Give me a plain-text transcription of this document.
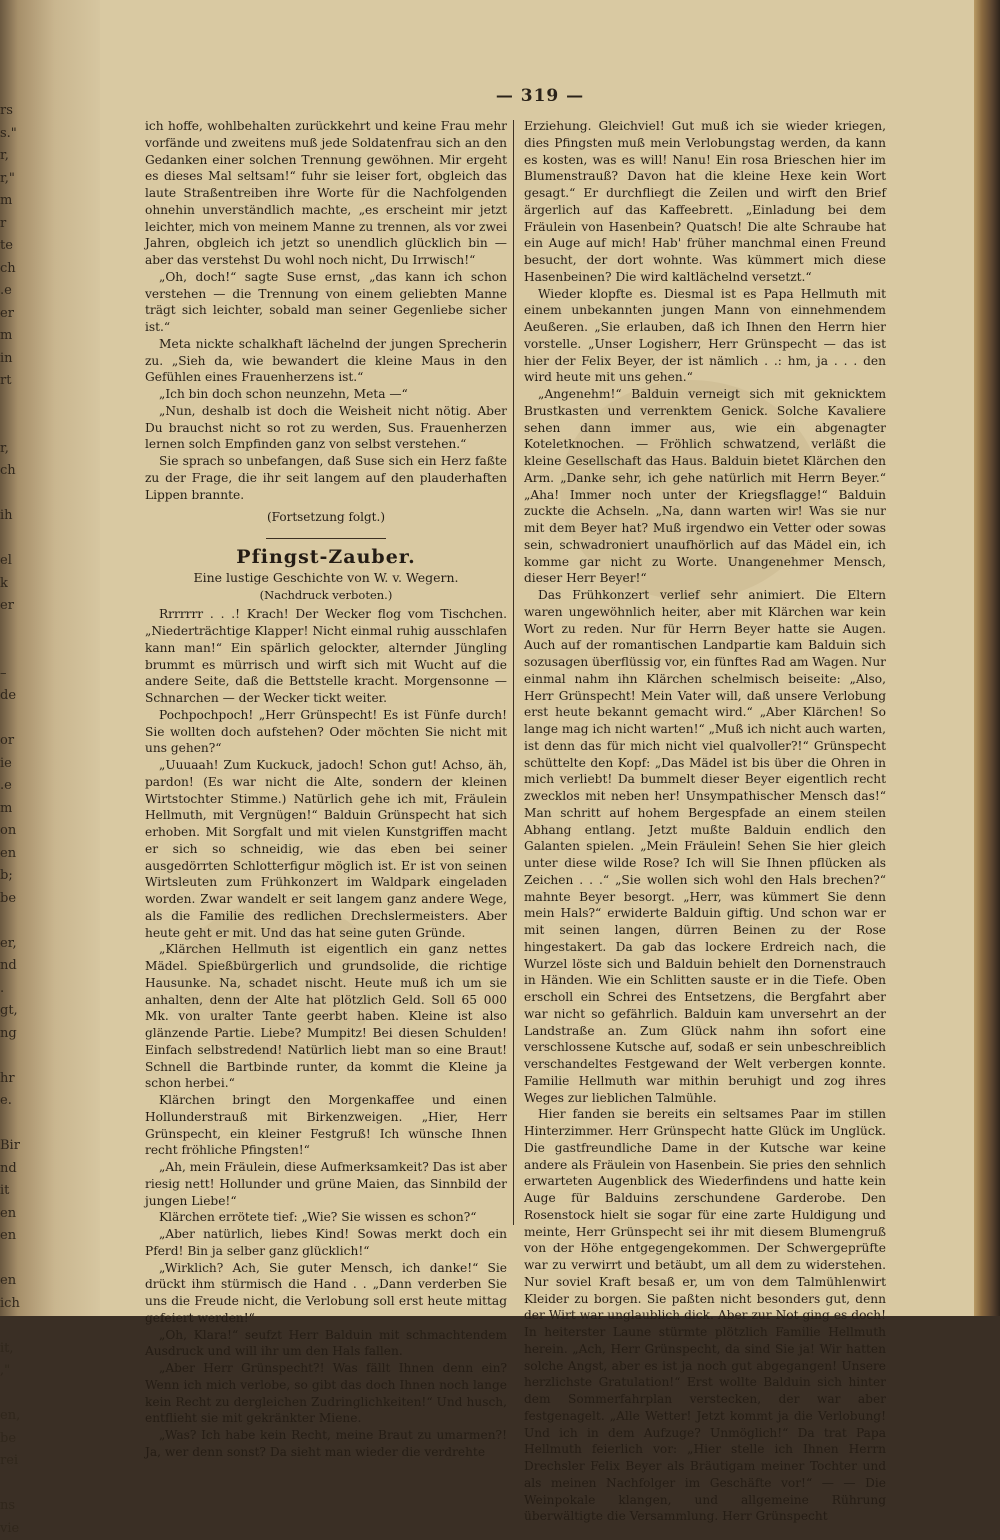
rs
s."
r,
r,"
m
r
te
ch
.e
er
m
in
rt

r,
ch

ih

el
k
er

–
de

or
ie
.e
m
on
en
b;
be

er,
nd
.
gt,
ng

hr
e.

Bir
nd
it
en
en

en
ich

it,
,"

en,
be
rei

ns
vie
— 319 —

ich hoffe, wohlbehalten zurückkehrt und keine Frau mehr vorfände und zweitens muß jede Soldatenfrau sich an den Gedanken einer solchen Trennung gewöhnen. Mir ergeht es dieses Mal seltsam!“ fuhr sie leiser fort, obgleich das laute Straßentreiben ihre Worte für die Nachfolgenden ohnehin unverständlich machte, „es erscheint mir jetzt leichter, mich von meinem Manne zu trennen, als vor zwei Jahren, obgleich ich jetzt so unendlich glücklich bin — aber das verstehst Du wohl noch nicht, Du Irrwisch!“

„Oh, doch!“ sagte Suse ernst, „das kann ich schon verstehen — die Trennung von einem geliebten Manne trägt sich leichter, sobald man seiner Gegenliebe sicher ist.“

Meta nickte schalkhaft lächelnd der jungen Sprecherin zu. „Sieh da, wie bewandert die kleine Maus in den Gefühlen eines Frauenherzens ist.“

„Ich bin doch schon neunzehn, Meta —“

„Nun, deshalb ist doch die Weisheit nicht nötig. Aber Du brauchst nicht so rot zu werden, Sus. Frauenherzen lernen solch Empfinden ganz von selbst verstehen.“

Sie sprach so unbefangen, daß Suse sich ein Herz faßte zu der Frage, die ihr seit langem auf den plauderhaften Lippen brannte.

(Fortsetzung folgt.)
Pfingst-Zauber.
Eine lustige Geschichte von W. v. Wegern.
(Nachdruck verboten.)

Rrrrrrr . . .! Krach! Der Wecker flog vom Tischchen. „Niederträchtige Klapper! Nicht einmal ruhig ausschlafen kann man!“ Ein spärlich gelockter, alternder Jüngling brummt es mürrisch und wirft sich mit Wucht auf die andere Seite, daß die Bettstelle kracht. Morgensonne — Schnarchen — der Wecker tickt weiter.

Pochpochpoch! „Herr Grünspecht! Es ist Fünfe durch! Sie wollten doch aufstehen? Oder möchten Sie nicht mit uns gehen?“

„Uuuaah! Zum Kuckuck, jadoch! Schon gut! Achso, äh, pardon! (Es war nicht die Alte, sondern der kleinen Wirtstochter Stimme.) Natürlich gehe ich mit, Fräulein Hellmuth, mit Vergnügen!“ Balduin Grünspecht hat sich erhoben. Mit Sorgfalt und mit vielen Kunstgriffen macht er sich so schneidig, wie das eben bei seiner ausgedörrten Schlotterfigur möglich ist. Er ist von seinen Wirtsleuten zum Frühkonzert im Waldpark eingeladen worden. Zwar wandelt er seit langem ganz andere Wege, als die Familie des redlichen Drechslermeisters. Aber heute geht er mit. Und das hat seine guten Gründe.

„Klärchen Hellmuth ist eigentlich ein ganz nettes Mädel. Spießbürgerlich und grundsolide, die richtige Hausunke. Na, schadet nischt. Heute muß ich um sie anhalten, denn der Alte hat plötzlich Geld. Soll 65 000 Mk. von uralter Tante geerbt haben. Kleine ist also glänzende Partie. Liebe? Mumpitz! Bei diesen Schulden! Einfach selbstredend! Natürlich liebt man so eine Braut! Schnell die Bartbinde runter, da kommt die Kleine ja schon herbei.“

Klärchen bringt den Morgenkaffee und einen Hollunderstrauß mit Birkenzweigen. „Hier, Herr Grünspecht, ein kleiner Festgruß! Ich wünsche Ihnen recht fröhliche Pfingsten!“

„Ah, mein Fräulein, diese Aufmerksamkeit? Das ist aber riesig nett! Hollunder und grüne Maien, das Sinnbild der jungen Liebe!“

Klärchen errötete tief: „Wie? Sie wissen es schon?“

„Aber natürlich, liebes Kind! Sowas merkt doch ein Pferd! Bin ja selber ganz glücklich!“

„Wirklich? Ach, Sie guter Mensch, ich danke!“ Sie drückt ihm stürmisch die Hand . . „Dann verderben Sie uns die Freude nicht, die Verlobung soll erst heute mittag gefeiert werden!“

„Oh, Klara!“ seufzt Herr Balduin mit schmachtendem Ausdruck und will ihr um den Hals fallen.

„Aber Herr Grünspecht?! Was fällt Ihnen denn ein? Wenn ich mich verlobe, so gibt das doch Ihnen noch lange kein Recht zu dergleichen Zudringlichkeiten!“ Und husch, entflieht sie mit gekränkter Miene.

„Was? Ich habe kein Recht, meine Braut zu umarmen?! Ja, wer denn sonst? Da sieht man wieder die verdrehte

Erziehung. Gleichviel! Gut muß ich sie wieder kriegen, dies Pfingsten muß mein Verlobungstag werden, da kann es kosten, was es will! Nanu! Ein rosa Brieschen hier im Blumenstrauß? Davon hat die kleine Hexe kein Wort gesagt.“ Er durchfliegt die Zeilen und wirft den Brief ärgerlich auf das Kaffeebrett. „Einladung bei dem Fräulein von Hasenbein? Quatsch! Die alte Schraube hat ein Auge auf mich! Hab' früher manchmal einen Freund besucht, der dort wohnte. Was kümmert mich diese Hasenbeinen? Die wird kaltlächelnd versetzt.“

Wieder klopfte es. Diesmal ist es Papa Hellmuth mit einem unbekannten jungen Mann von einnehmendem Aeußeren. „Sie erlauben, daß ich Ihnen den Herrn hier vorstelle. „Unser Logisherr, Herr Grünspecht — das ist hier der Felix Beyer, der ist nämlich . .: hm, ja . . . den wird heute mit uns gehen.“

„Angenehm!“ Balduin verneigt sich mit geknicktem Brustkasten und verrenktem Genick. Solche Kavaliere sehen dann immer aus, wie ein abgenagter Koteletknochen. — Fröhlich schwatzend, verläßt die kleine Gesellschaft das Haus. Balduin bietet Klärchen den Arm. „Danke sehr, ich gehe natürlich mit Herrn Beyer.“ „Aha! Immer noch unter der Kriegsflagge!“ Balduin zuckte die Achseln. „Na, dann warten wir! Was sie nur mit dem Beyer hat? Muß irgendwo ein Vetter oder sowas sein, schwadroniert unaufhörlich auf das Mädel ein, ich komme gar nicht zu Worte. Unangenehmer Mensch, dieser Herr Beyer!“

Das Frühkonzert verlief sehr animiert. Die Eltern waren ungewöhnlich heiter, aber mit Klärchen war kein Wort zu reden. Nur für Herrn Beyer hatte sie Augen. Auch auf der romantischen Landpartie kam Balduin sich sozusagen überflüssig vor, ein fünftes Rad am Wagen. Nur einmal nahm ihn Klärchen schelmisch beiseite: „Also, Herr Grünspecht! Mein Vater will, daß unsere Verlobung erst heute bekannt gemacht wird.“ „Aber Klärchen! So lange mag ich nicht warten!“ „Muß ich nicht auch warten, ist denn das für mich nicht viel qualvoller?!“ Grünspecht schüttelte den Kopf: „Das Mädel ist bis über die Ohren in mich verliebt! Da bummelt dieser Beyer eigentlich recht zwecklos mit neben her! Unsympathischer Mensch das!“ Man schritt auf hohem Bergespfade an einem steilen Abhang entlang. Jetzt mußte Balduin endlich den Galanten spielen. „Mein Fräulein! Sehen Sie hier gleich unter diese wilde Rose? Ich will Sie Ihnen pflücken als Zeichen . . .“ „Sie wollen sich wohl den Hals brechen?“ mahnte Beyer besorgt. „Herr, was kümmert Sie denn mein Hals?“ erwiderte Balduin giftig. Und schon war er mit seinen langen, dürren Beinen zu der Rose hingestakert. Da gab das lockere Erdreich nach, die Wurzel löste sich und Balduin behielt den Dornenstrauch in Händen. Wie ein Schlitten sauste er in die Tiefe. Oben erscholl ein Schrei des Entsetzens, die Bergfahrt aber war nicht so gefährlich. Balduin kam unversehrt an der Landstraße an. Zum Glück nahm ihn sofort eine verschlossene Kutsche auf, sodaß er sein unbeschreiblich verschandeltes Festgewand der Welt verbergen konnte. Familie Hellmuth war mithin beruhigt und zog ihres Weges zur lieblichen Talmühle.

Hier fanden sie bereits ein seltsames Paar im stillen Hinterzimmer. Herr Grünspecht hatte Glück im Unglück. Die gastfreundliche Dame in der Kutsche war keine andere als Fräulein von Hasenbein. Sie pries den sehnlich erwarteten Augenblick des Wiederfindens und hatte kein Auge für Balduins zerschundene Garderobe. Den Rosenstock hielt sie sogar für eine zarte Huldigung und meinte, Herr Grünspecht sei ihr mit diesem Blumengruß von der Höhe entgegengekommen. Der Schwergeprüfte war zu verwirrt und betäubt, um all dem zu widerstehen. Nur soviel Kraft besaß er, um von dem Talmühlenwirt Kleider zu borgen. Sie paßten nicht besonders gut, denn der Wirt war unglaublich dick. Aber zur Not ging es doch! In heiterster Laune stürmte plötzlich Familie Hellmuth herein. „Ach, Herr Grünspecht, da sind Sie ja! Wir hatten solche Angst, aber es ist ja noch gut abgegangen! Unsere herzlichste Gratulation!“ Erst wollte Balduin sich hinter dem Sommerfahrplan verstecken, der war aber festgenagelt. „Alle Wetter! Jetzt kommt ja die Verlobung! Und ich in dem Aufzuge? Unmöglich!“ Da trat Papa Hellmuth feierlich vor: „Hier stelle ich Ihnen Herrn Drechsler Felix Beyer als Bräutigam meiner Tochter und als meinen Nachfolger im Geschäfte vor!“ — — Die Weinpokale klangen, und allgemeine Rührung überwältigte die Versammlung. Herr Grünspecht
